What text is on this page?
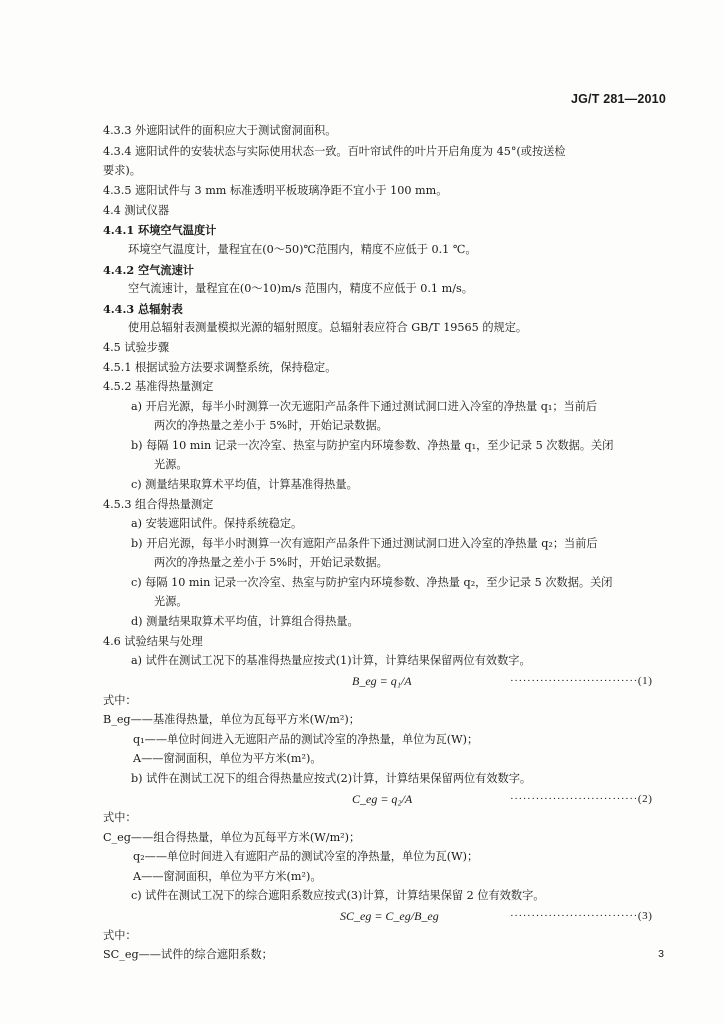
JG/T 281—2010
4.3.3 外遮阳试件的面积应大于测试窗洞面积。
4.3.4 遮阳试件的安装状态与实际使用状态一致。百叶帘试件的叶片开启角度为 45°(或按送检
要求)。
4.3.5 遮阳试件与 3 mm 标准透明平板玻璃净距不宜小于 100 mm。
4.4 测试仪器
4.4.1 环境空气温度计
环境空气温度计，量程宜在(0～50)℃范围内，精度不应低于 0.1 ℃。
4.4.2 空气流速计
空气流速计，量程宜在(0～10)m/s 范围内，精度不应低于 0.1 m/s。
4.4.3 总辐射表
使用总辐射表测量模拟光源的辐射照度。总辐射表应符合 GB/T 19565 的规定。
4.5 试验步骤
4.5.1 根据试验方法要求调整系统，保持稳定。
4.5.2 基准得热量测定
a) 开启光源，每半小时测算一次无遮阳产品条件下通过测试洞口进入冷室的净热量 q₁；当前后
两次的净热量之差小于 5%时，开始记录数据。
b) 每隔 10 min 记录一次冷室、热室与防护室内环境参数、净热量 q₁，至少记录 5 次数据。关闭
光源。
c) 测量结果取算术平均值，计算基准得热量。
4.5.3 组合得热量测定
a) 安装遮阳试件。保持系统稳定。
b) 开启光源，每半小时测算一次有遮阳产品条件下通过测试洞口进入冷室的净热量 q₂；当前后
两次的净热量之差小于 5%时，开始记录数据。
c) 每隔 10 min 记录一次冷室、热室与防护室内环境参数、净热量 q₂，至少记录 5 次数据。关闭
光源。
d) 测量结果取算术平均值，计算组合得热量。
4.6 试验结果与处理
a) 试件在测试工况下的基准得热量应按式(1)计算，计算结果保留两位有效数字。
B_eg = q₁/A	······························(1)
式中：
B_eg——基准得热量，单位为瓦每平方米(W/m²)；
q₁——单位时间进入无遮阳产品的测试冷室的净热量，单位为瓦(W)；
A——窗洞面积，单位为平方米(m²)。
b) 试件在测试工况下的组合得热量应按式(2)计算，计算结果保留两位有效数字。
C_eg = q₂/A	······························(2)
式中：
C_eg——组合得热量，单位为瓦每平方米(W/m²)；
q₂——单位时间进入有遮阳产品的测试冷室的净热量，单位为瓦(W)；
A——窗洞面积，单位为平方米(m²)。
c) 试件在测试工况下的综合遮阳系数应按式(3)计算，计算结果保留 2 位有效数字。
SC_eg = C_eg/B_eg	······························(3)
式中：
SC_eg——试件的综合遮阳系数；	3
